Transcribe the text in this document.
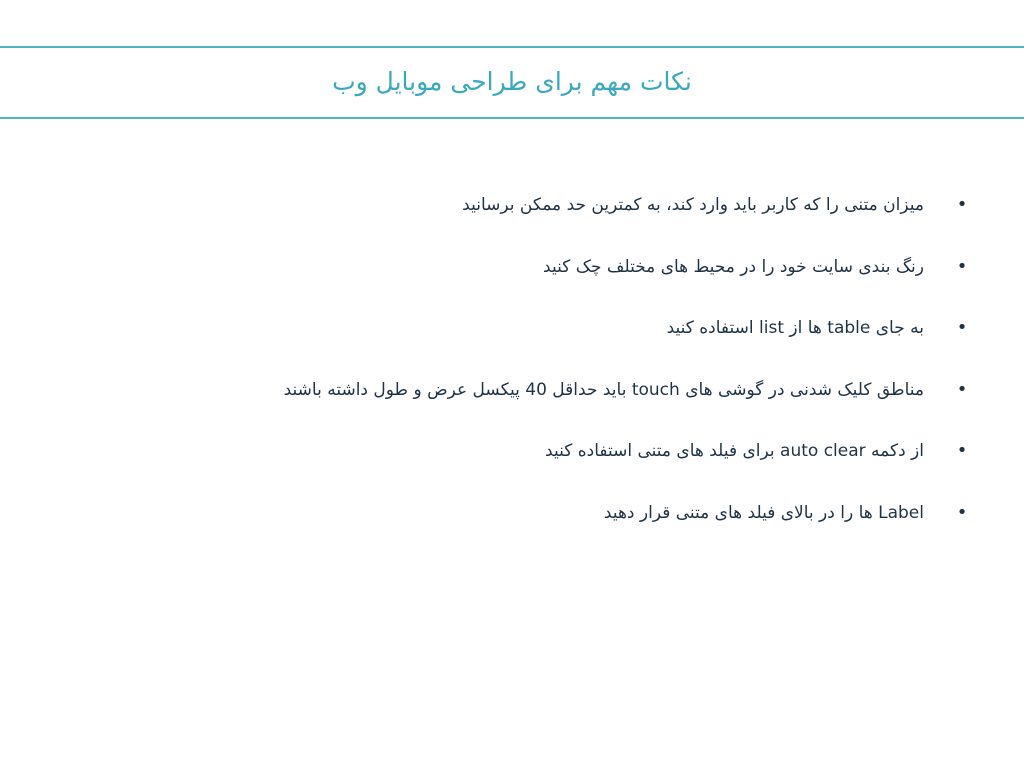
نکات مهم برای طراحی موبایل وب
•
میزان متنی را که کاربر باید وارد کند، به کمترین حد ممکن برسانید
•
رنگ بندی سایت خود را در محیط های مختلف چک کنید
•
به جای table ها از list استفاده کنید
•
مناطق کلیک شدنی در گوشی های touch باید حداقل 40 پیکسل عرض و طول داشته باشند
•
از دکمه auto clear برای فیلد های متنی استفاده کنید
•
Label ها را در بالای فیلد های متنی قرار دهید
